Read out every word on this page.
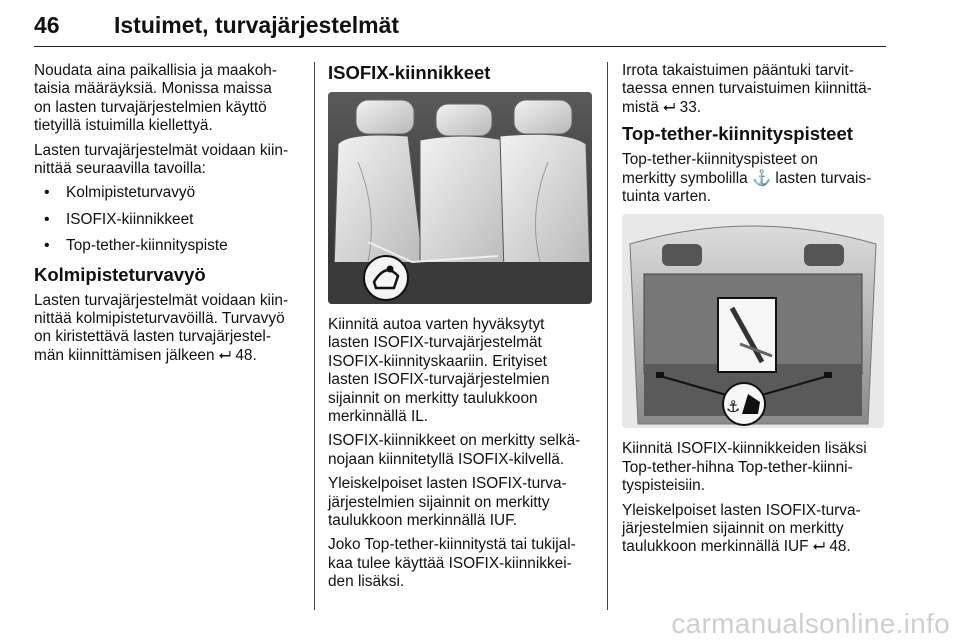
46 Istuimet, turvajärjestelmät

Noudata aina paikallisia ja maakoh-
taisia määräyksiä. Monissa maissa
on lasten turvajärjestelmien käyttö
tietyillä istuimilla kiellettyä.

Lasten turvajärjestelmät voidaan kiin-
nittää seuraavilla tavoilla:

• Kolmipisteturvavyö
• ISOFIX-kiinnikkeet
• Top-tether-kiinnityspiste
Kolmipisteturvavyö

Lasten turvajärjestelmät voidaan kiin-
nittää kolmipisteturvavöillä. Turvavyö
on kiristettävä lasten turvajärjestel-
män kiinnittämisen jälkeen ⮠ 48.

ISOFIX-kiinnikkeet

Kiinnitä autoa varten hyväksytyt
lasten ISOFIX-turvajärjestelmät
ISOFIX-kiinnityskaariin. Erityiset
lasten ISOFIX-turvajärjestelmien
sijainnit on merkitty taulukkoon
merkinnällä IL.

ISOFIX-kiinnikkeet on merkitty selkä-
nojaan kiinnitetyllä ISOFIX-kilvellä.

Yleiskelpoiset lasten ISOFIX-turva-
järjestelmien sijainnit on merkitty
taulukkoon merkinnällä IUF.

Joko Top-tether-kiinnitystä tai tukijal-
kaa tulee käyttää ISOFIX-kiinnikkei-
den lisäksi.

Irrota takaistuimen pääntuki tarvit-
taessa ennen turvaistuimen kiinnittä-
mistä ⮠ 33.

Top-tether-kiinnityspisteet

Top-tether-kiinnityspisteet on
merkitty symbolilla ⚓ lasten turvais-
tuinta varten.

⚓

Kiinnitä ISOFIX-kiinnikkeiden lisäksi
Top-tether-hihna Top-tether-kiinni-
tyspisteisiin.

Yleiskelpoiset lasten ISOFIX-turva-
järjestelmien sijainnit on merkitty
taulukkoon merkinnällä IUF ⮠ 48.

carmanualsonline.info
